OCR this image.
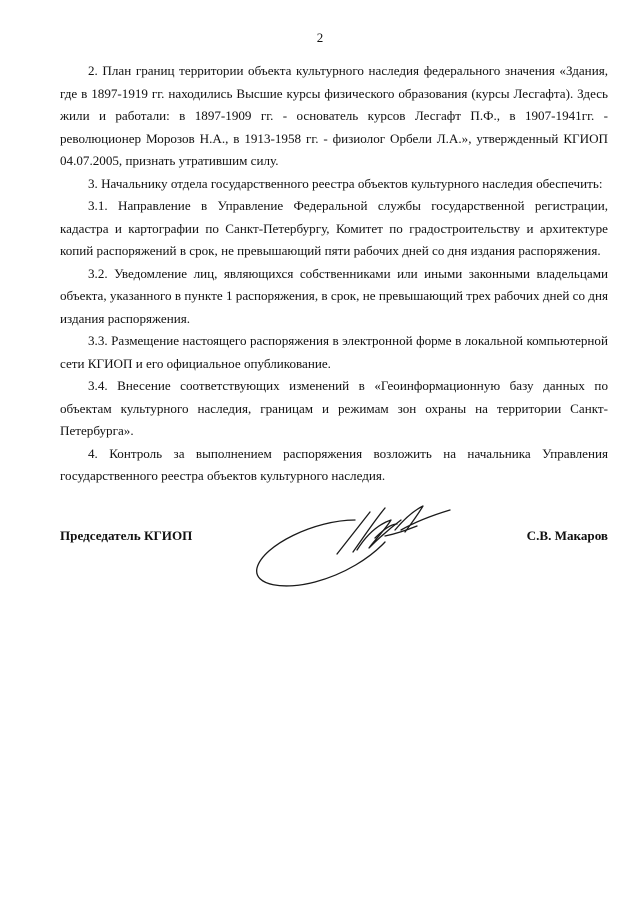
2

2. План границ территории объекта культурного наследия федерального значения «Здания, где в 1897-1919 гг. находились Высшие курсы физического образования (курсы Лесгафта). Здесь жили и работали: в 1897-1909 гг. - основатель курсов Лесгафт П.Ф., в 1907-1941гг. - революционер Морозов Н.А., в 1913-1958 гг. - физиолог Орбели Л.А.», утвержденный КГИОП 04.07.2005, признать утратившим силу.

3. Начальнику отдела государственного реестра объектов культурного наследия обеспечить:

3.1. Направление в Управление Федеральной службы государственной регистрации, кадастра и картографии по Санкт-Петербургу, Комитет по градостроительству и архитектуре копий распоряжений в срок, не превышающий пяти рабочих дней со дня издания распоряжения.

3.2. Уведомление лиц, являющихся собственниками или иными законными владельцами объекта, указанного в пункте 1 распоряжения, в срок, не превышающий трех рабочих дней со дня издания распоряжения.

3.3. Размещение настоящего распоряжения в электронной форме в локальной компьютерной сети КГИОП и его официальное опубликование.

3.4. Внесение соответствующих изменений в «Геоинформационную базу данных по объектам культурного наследия, границам и режимам зон охраны на территории Санкт-Петербурга».

4. Контроль за выполнением распоряжения возложить на начальника Управления государственного реестра объектов культурного наследия.

Председатель КГИОП	С.В. Макаров
